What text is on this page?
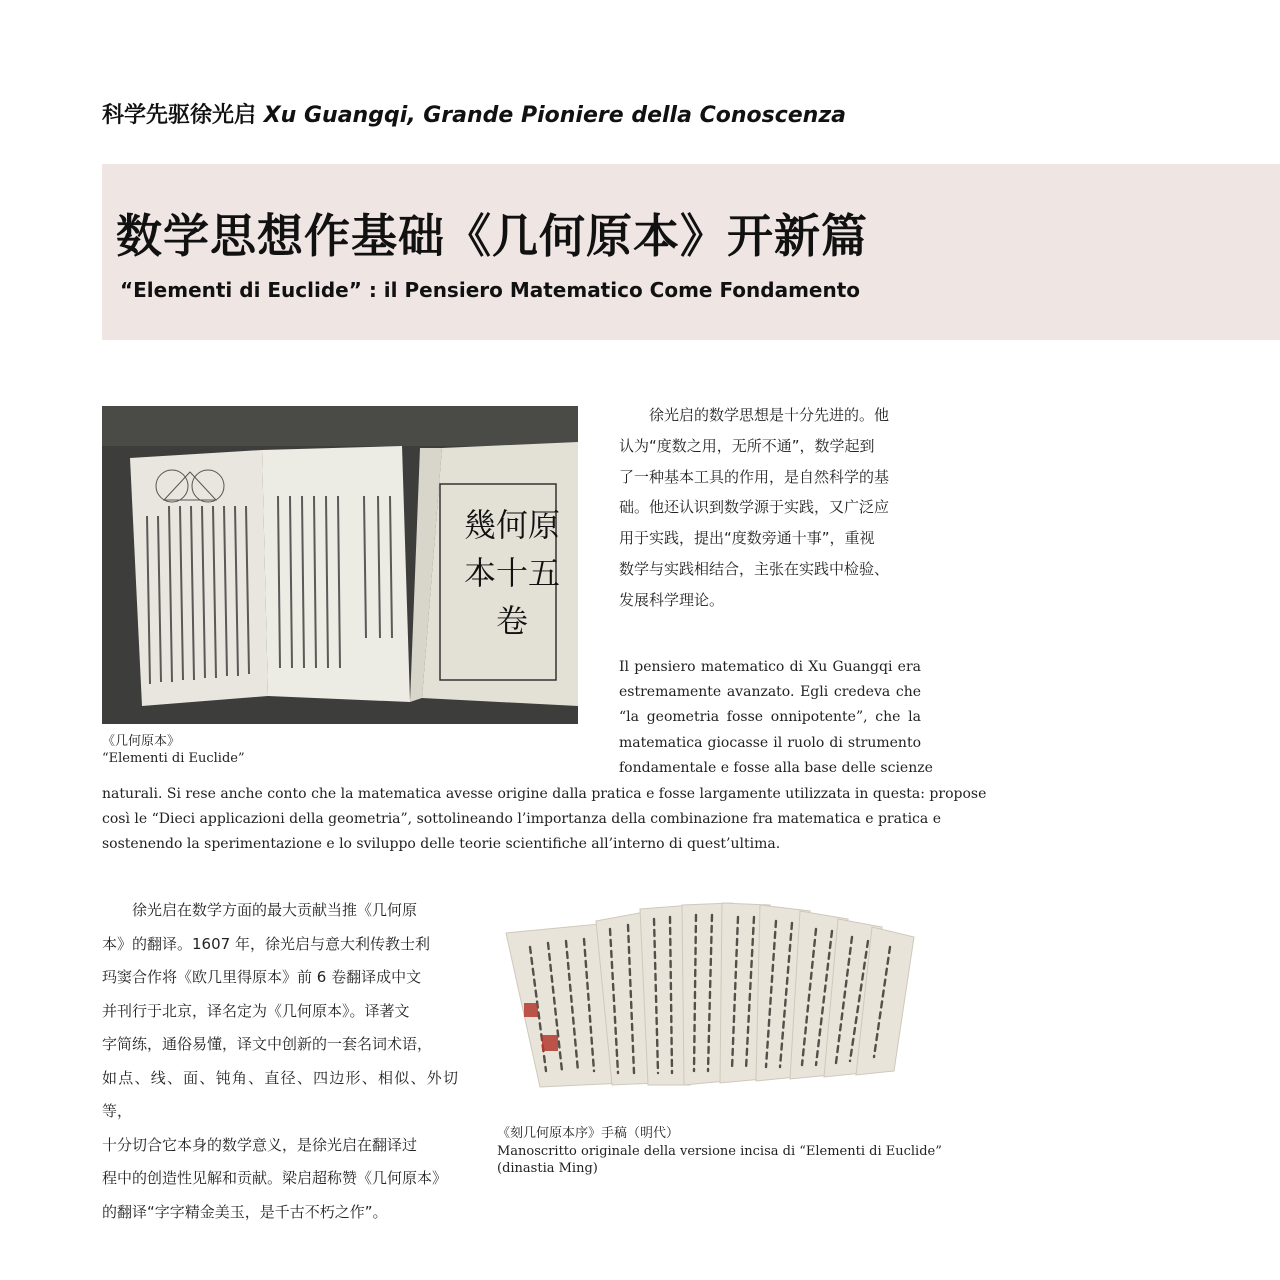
科学先驱徐光启 Xu Guangqi, Grande Pioniere della Conoscenza
数学思想作基础《几何原本》开新篇
“Elementi di Euclide” : il Pensiero Matematico Come Fondamento
幾何原
本十五
卷
《几何原本》
“Elementi di Euclide”
　　徐光启的数学思想是十分先进的。他
认为“度数之用，无所不通”，数学起到
了一种基本工具的作用，是自然科学的基
础。他还认识到数学源于实践，又广泛应
用于实践，提出“度数旁通十事”，重视
数学与实践相结合，主张在实践中检验、
发展科学理论。
Il pensiero matematico di Xu Guangqi era
estremamente avanzato. Egli credeva che
“la geometria fosse onnipotente”, che la
matematica giocasse il ruolo di strumento
fondamentale e fosse alla base delle scienze
naturali. Si rese anche conto che la matematica avesse origine dalla pratica e fosse largamente utilizzata in questa: propose
così le “Dieci applicazioni della geometria”, sottolineando l’importanza della combinazione fra matematica e pratica e
sostenendo la sperimentazione e lo sviluppo delle teorie scientifiche all’interno di quest’ultima.
　　徐光启在数学方面的最大贡献当推《几何原
本》的翻译。1607 年，徐光启与意大利传教士利
玛窦合作将《欧几里得原本》前 6 卷翻译成中文
并刊行于北京，译名定为《几何原本》。译著文
字简练，通俗易懂，译文中创新的一套名词术语，
如点、线、面、钝角、直径、四边形、相似、外切等，
十分切合它本身的数学意义，是徐光启在翻译过
程中的创造性见解和贡献。梁启超称赞《几何原本》
的翻译“字字精金美玉，是千古不朽之作”。
《刻几何原本序》手稿（明代）
Manoscritto originale della versione incisa di “Elementi di Euclide”
(dinastia Ming)
